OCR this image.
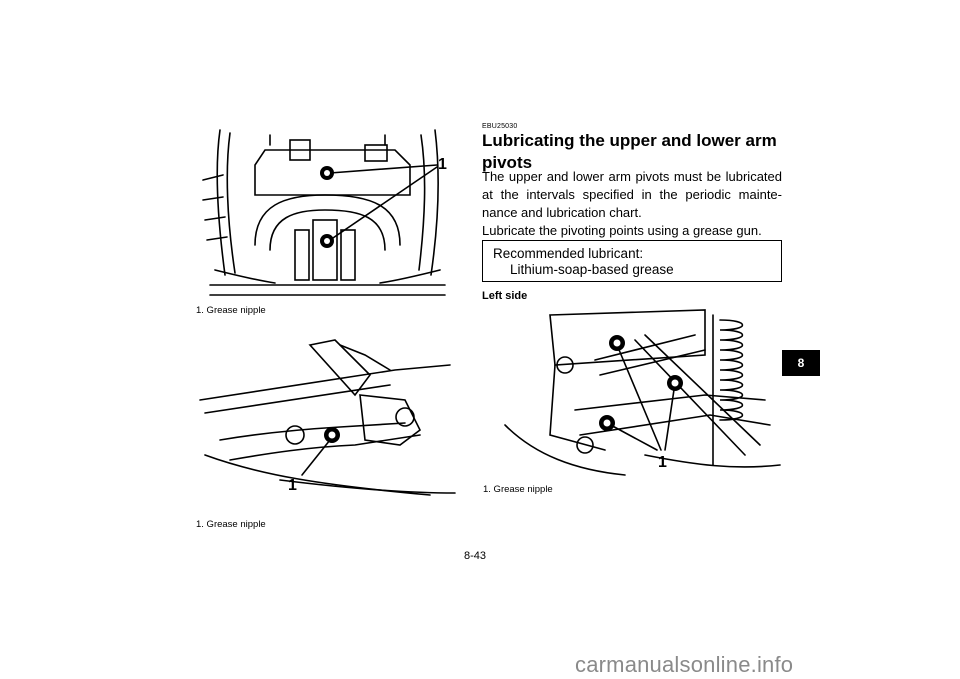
1
1. Grease nipple
1
1. Grease nipple
EBU25030
Lubricating the upper and lower arm pivots

The upper and lower arm pivots must be lubricated at the intervals specified in the periodic mainte-nance and lubrication chart.

Lubricate the pivoting points using a grease gun.

Recommended lubricant:
Lithium-soap-based grease
Left side
1
1. Grease nipple
8
8-43
carmanualsonline.info
